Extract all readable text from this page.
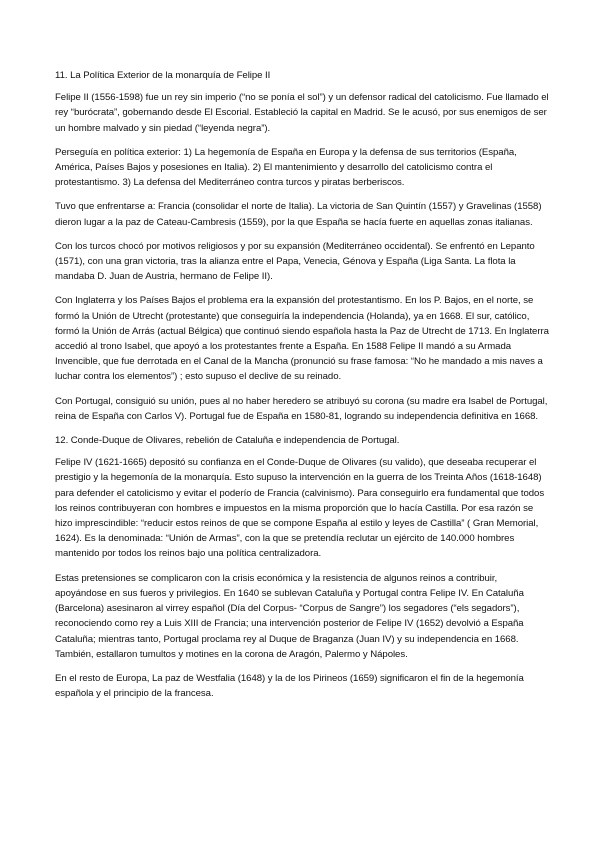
11. La Política Exterior de la monarquía de Felipe II

Felipe II (1556-1598) fue un rey sin imperio (“no se ponía el sol”) y un defensor radical del catolicismo. Fue llamado el rey “burócrata”, gobernando desde El Escorial. Estableció la capital en Madrid. Se le acusó, por sus enemigos de ser un hombre malvado y sin piedad (“leyenda negra”).

Perseguía en política exterior: 1) La hegemonía de España en Europa y la defensa de sus territorios (España, América, Países Bajos y posesiones en Italia). 2) El mantenimiento y desarrollo del catolicismo contra el protestantismo. 3) La defensa del Mediterráneo contra turcos y piratas berberiscos.

Tuvo que enfrentarse a: Francia (consolidar el norte de Italia). La victoria de San Quintín (1557) y Gravelinas (1558) dieron lugar a la paz de Cateau-Cambresis (1559), por la que España se hacía fuerte en aquellas zonas italianas.

Con los turcos chocó por motivos religiosos y por su expansión (Mediterráneo occidental). Se enfrentó en Lepanto (1571), con una gran victoria, tras la alianza entre el Papa, Venecia, Génova y España (Liga Santa. La flota la mandaba D. Juan de Austria, hermano de Felipe II).

Con Inglaterra y los Países Bajos el problema era la expansión del protestantismo. En los P. Bajos, en el norte, se formó la Unión de Utrecht (protestante) que conseguiría la independencia (Holanda), ya en 1668. El sur, católico, formó la Unión de Arrás (actual Bélgica) que continuó siendo española hasta la Paz de Utrecht de 1713. En Inglaterra accedió al trono Isabel, que apoyó a los protestantes frente a España. En 1588 Felipe II mandó a su Armada Invencible, que fue derrotada en el Canal de la Mancha (pronunció su frase famosa: “No he mandado a mis naves a luchar contra los elementos”) ; esto supuso el declive de su reinado.

Con Portugal, consiguió su unión, pues al no haber heredero se atribuyó su corona (su madre era Isabel de Portugal, reina de España con Carlos V). Portugal fue de España en 1580-81, logrando su independencia definitiva en 1668.

12. Conde-Duque de Olivares, rebelión de Cataluña e independencia de Portugal.

Felipe IV (1621-1665) depositó su confianza en el Conde-Duque de Olivares (su valido), que deseaba recuperar el prestigio y la hegemonía de la monarquía. Esto supuso la intervención en la guerra de los Treinta Años (1618-1648) para defender el catolicismo y evitar el poderío de Francia (calvinismo). Para conseguirlo era fundamental que todos los reinos contribuyeran con hombres e impuestos en la misma proporción que lo hacía Castilla. Por esa razón se hizo imprescindible: “reducir estos reinos de que se compone España al estilo y leyes de Castilla” ( Gran Memorial, 1624). Es la denominada: “Unión de Armas”, con la que se pretendía reclutar un ejército de 140.000 hombres mantenido por todos los reinos bajo una política centralizadora.

Estas pretensiones se complicaron con la crisis económica y la resistencia de algunos reinos a contribuir, apoyándose en sus fueros y privilegios. En 1640 se sublevan Cataluña y Portugal contra Felipe IV. En Cataluña (Barcelona) asesinaron al virrey español (Día del Corpus- “Corpus de Sangre”) los segadores (“els segadors”), reconociendo como rey a Luis XIII de Francia; una intervención posterior de Felipe IV (1652) devolvió a España Cataluña; mientras tanto, Portugal proclama rey al Duque de Braganza (Juan IV) y su independencia en 1668. También, estallaron tumultos y motines en la corona de Aragón, Palermo y Nápoles.

En el resto de Europa, La paz de Westfalia (1648) y la de los Pirineos (1659) significaron el fin de la hegemonía española y el principio de la francesa.
